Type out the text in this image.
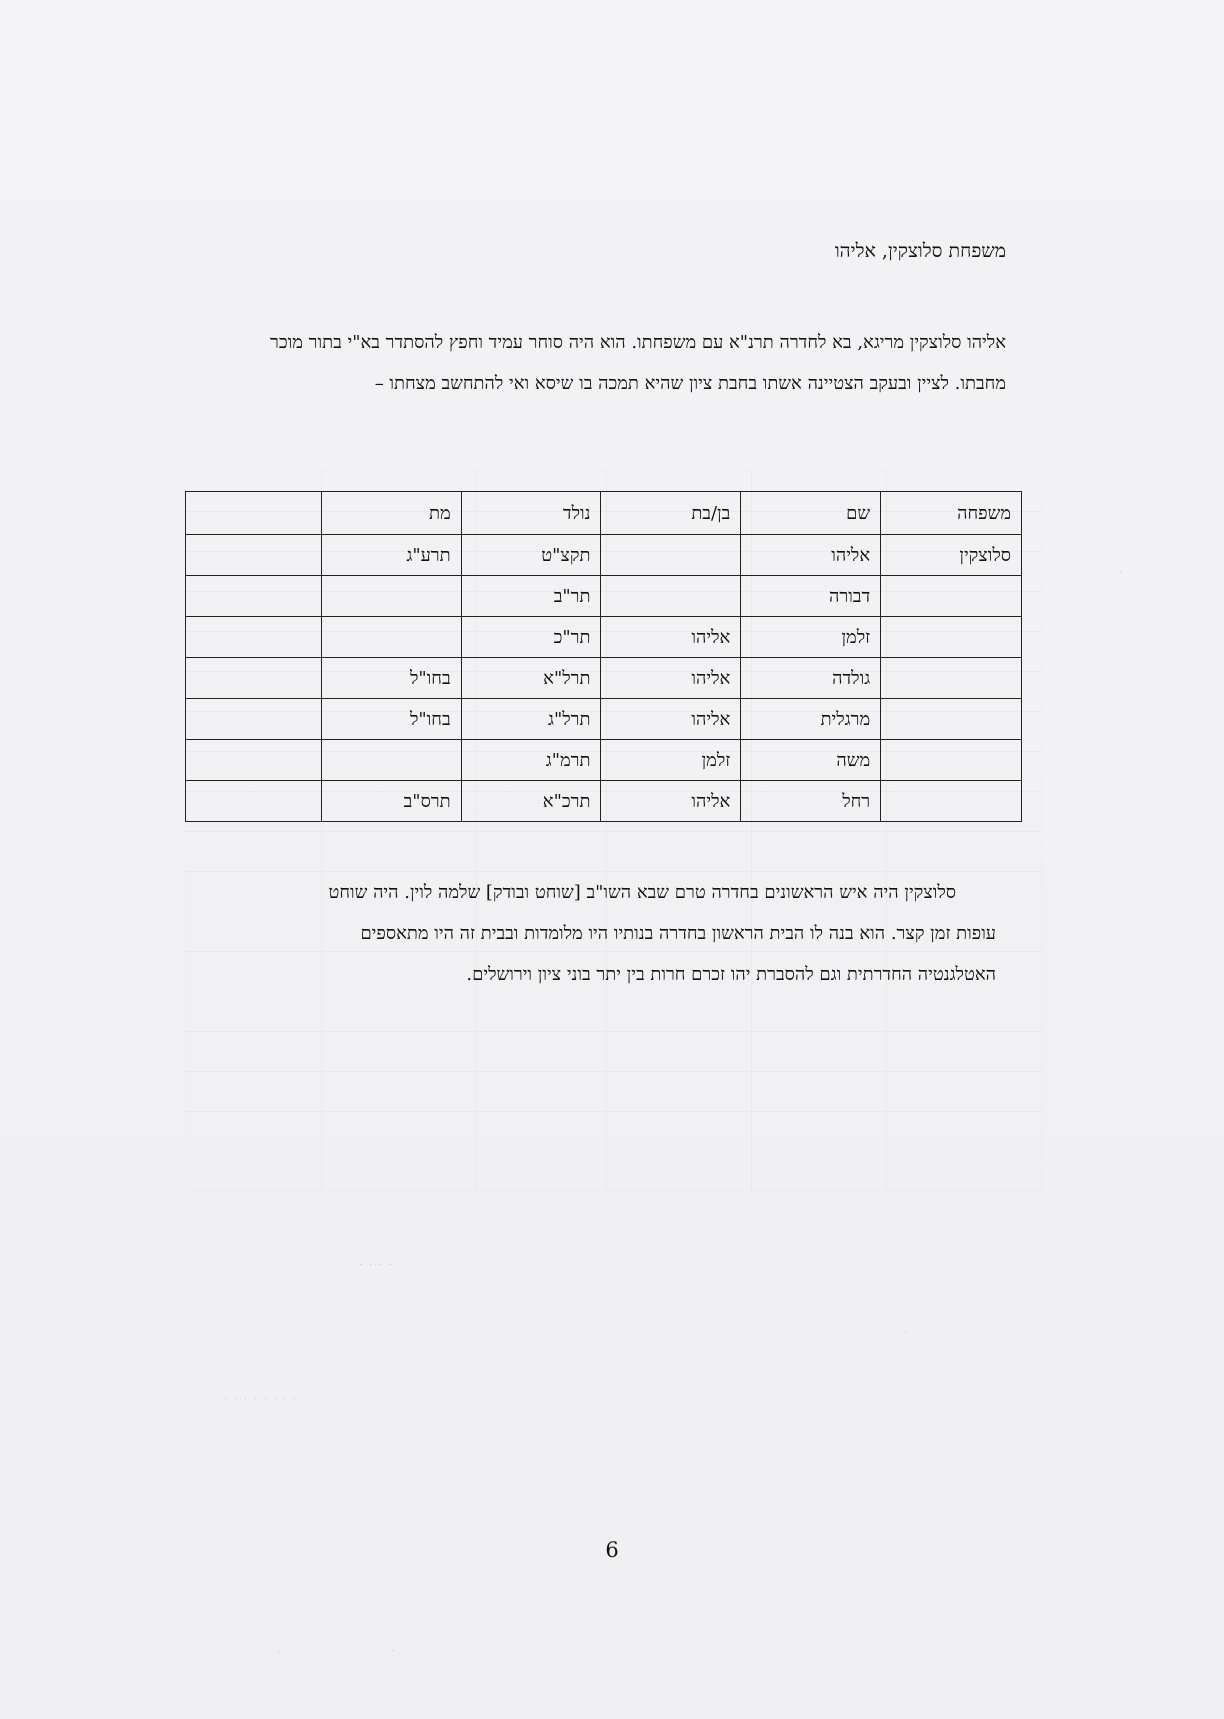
משפחת סלוצקין, אליהו
אליהו סלוצקין מריגא, בא לחדרה תרנ"א עם משפחתו. הוא היה סוחר עמיד וחפץ להסתדר בא"י בתור מוכר מחבתו. לציין ובעקב הצטיינה אשתו בחבת ציון שהיא תמכה בו שיסא ואי להתחשב מצחתו –
משפחה	שם	בן/בת	נולד	מת	
סלוצקין	אליהו		תקצ"ט	תרע"ג	
	דבורה		תר"ב		
	זלמן	אליהו	תר"כ		
	גולדה	אליהו	תרל"א	בחו"ל	
	מרגלית	אליהו	תרל"ג	בחו"ל	
	משה	זלמן	תרמ"ג		
	רחל	אליהו	תרכ"א	תרס"ב	
סלוצקין היה איש הראשונים בחדרה טרם שבא השו"ב [שוחט ובודק] שלמה לוין. היה שוחט
עופות זמן קצר. הוא בנה לו הבית הראשון בחדרה בנותיו היו מלומדות ובבית זה היו מתאספים
האטלגנטיה החדרתית וגם להסברת יהו זכרם חרות בין יתר בוני ציון וירושלים.
· · · ·
· · · · · · · ·
·
·
·	·
6
